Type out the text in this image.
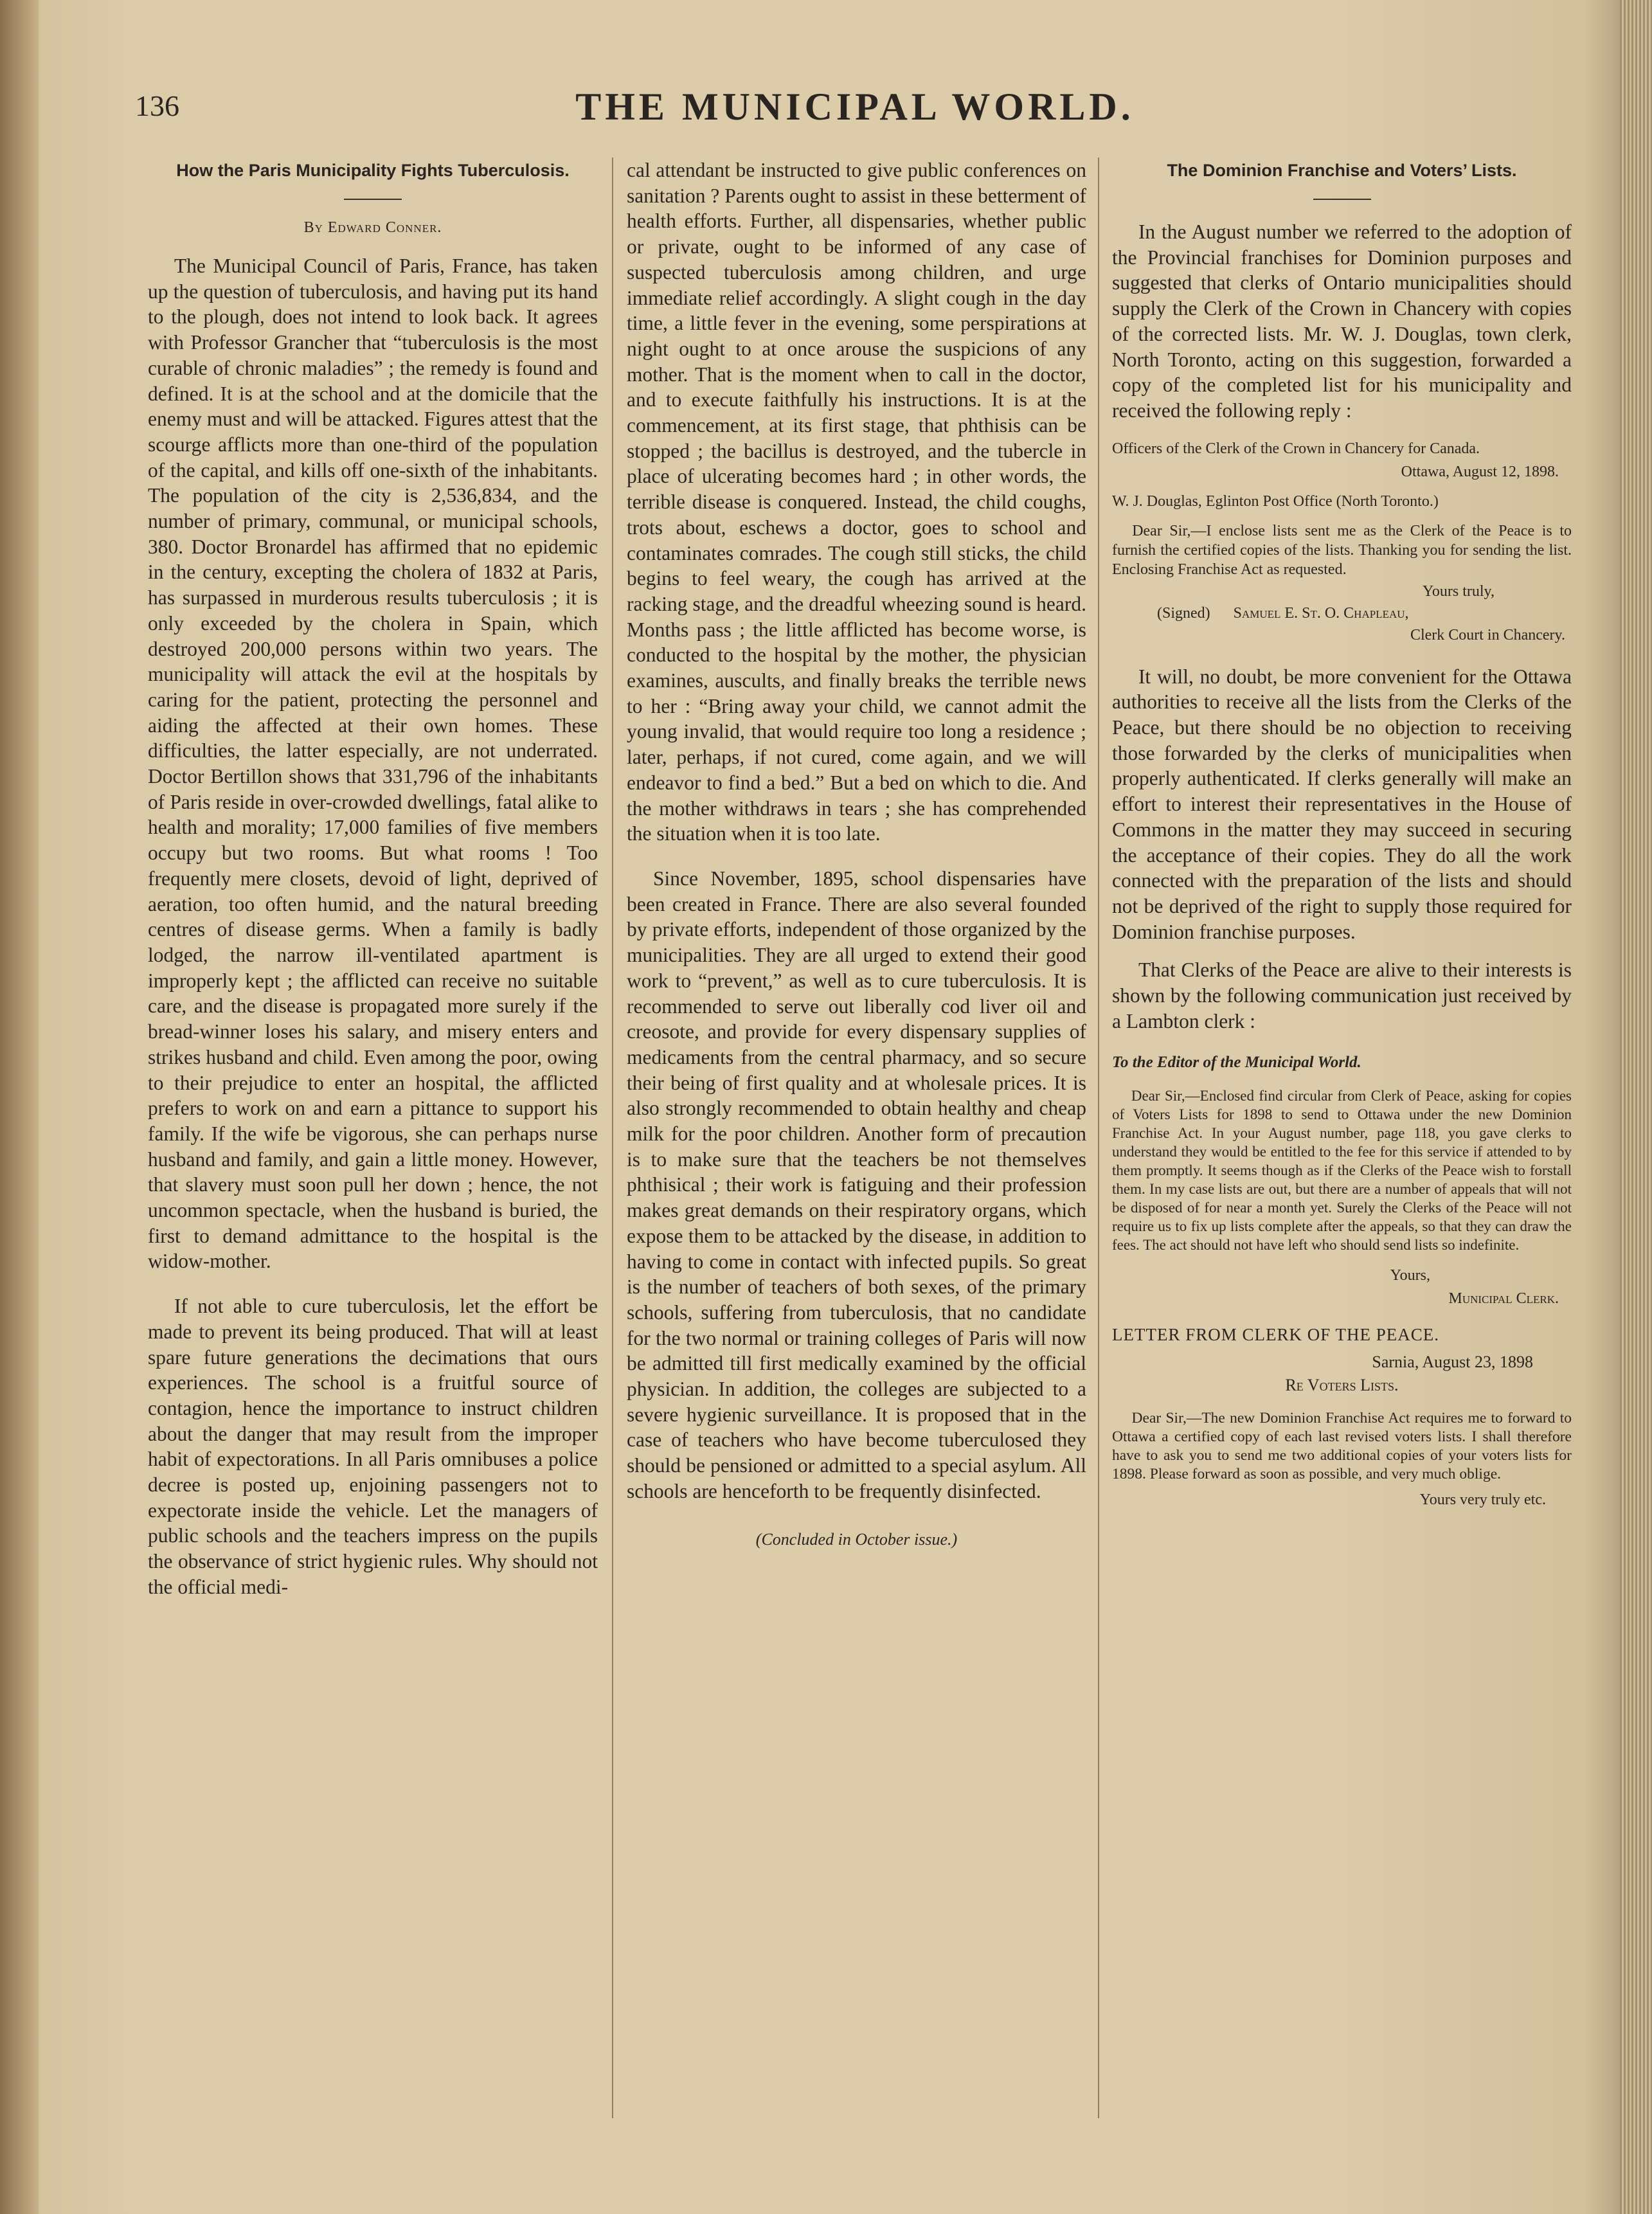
136	THE MUNICIPAL WORLD.

How the Paris Municipality Fights Tuberculosis.

By Edward Conner.

The Municipal Council of Paris, France, has taken up the question of tuberculosis, and having put its hand to the plough, does not intend to look back. It agrees with Professor Grancher that “tuberculosis is the most curable of chronic maladies” ; the remedy is found and defined. It is at the school and at the domicile that the enemy must and will be attacked. Figures attest that the scourge afflicts more than one-third of the population of the capital, and kills off one-sixth of the inhabitants. The population of the city is 2,536,834, and the number of primary, communal, or municipal schools, 380. Doctor Bronardel has affirmed that no epidemic in the century, excepting the cholera of 1832 at Paris, has surpassed in murderous results tuberculosis ; it is only exceeded by the cholera in Spain, which destroyed 200,000 persons within two years. The municipality will attack the evil at the hospitals by caring for the patient, protecting the personnel and aiding the affected at their own homes. These difficulties, the latter especially, are not underrated. Doctor Bertillon shows that 331,796 of the inhabitants of Paris reside in over-crowded dwellings, fatal alike to health and morality; 17,000 families of five members occupy but two rooms. But what rooms ! Too frequently mere closets, devoid of light, deprived of aeration, too often humid, and the natural breeding centres of disease germs. When a family is badly lodged, the narrow ill-ventilated apartment is improperly kept ; the afflicted can receive no suitable care, and the disease is propagated more surely if the bread-winner loses his salary, and misery enters and strikes husband and child. Even among the poor, owing to their prejudice to enter an hospital, the afflicted prefers to work on and earn a pittance to support his family. If the wife be vigorous, she can perhaps nurse husband and family, and gain a little money. However, that slavery must soon pull her down ; hence, the not uncommon spectacle, when the husband is buried, the first to demand admittance to the hospital is the widow-mother.

If not able to cure tuberculosis, let the effort be made to prevent its being produced. That will at least spare future generations the decimations that ours experiences. The school is a fruitful source of contagion, hence the importance to instruct children about the danger that may result from the improper habit of expectorations. In all Paris omnibuses a police decree is posted up, enjoining passengers not to expectorate inside the vehicle. Let the managers of public schools and the teachers impress on the pupils the observance of strict hygienic rules. Why should not the official medi-

cal attendant be instructed to give public conferences on sanitation ? Parents ought to assist in these betterment of health efforts. Further, all dispensaries, whether public or private, ought to be informed of any case of suspected tuberculosis among children, and urge immediate relief accordingly. A slight cough in the day time, a little fever in the evening, some perspirations at night ought to at once arouse the suspicions of any mother. That is the moment when to call in the doctor, and to execute faithfully his instructions. It is at the commencement, at its first stage, that phthisis can be stopped ; the bacillus is destroyed, and the tubercle in place of ulcerating becomes hard ; in other words, the terrible disease is conquered. Instead, the child coughs, trots about, eschews a doctor, goes to school and contaminates comrades. The cough still sticks, the child begins to feel weary, the cough has arrived at the racking stage, and the dreadful wheezing sound is heard. Months pass ; the little afflicted has become worse, is conducted to the hospital by the mother, the physician examines, auscults, and finally breaks the terrible news to her : “Bring away your child, we cannot admit the young invalid, that would require too long a residence ; later, perhaps, if not cured, come again, and we will endeavor to find a bed.” But a bed on which to die. And the mother withdraws in tears ; she has comprehended the situation when it is too late.

Since November, 1895, school dispensaries have been created in France. There are also several founded by private efforts, independent of those organized by the municipalities. They are all urged to extend their good work to “prevent,” as well as to cure tuberculosis. It is recommended to serve out liberally cod liver oil and creosote, and provide for every dispensary supplies of medicaments from the central pharmacy, and so secure their being of first quality and at wholesale prices. It is also strongly recommended to obtain healthy and cheap milk for the poor children. Another form of precaution is to make sure that the teachers be not themselves phthisical ; their work is fatiguing and their profession makes great demands on their respiratory organs, which expose them to be attacked by the disease, in addition to having to come in contact with infected pupils. So great is the number of teachers of both sexes, of the primary schools, suffering from tuberculosis, that no candidate for the two normal or training colleges of Paris will now be admitted till first medically examined by the official physician. In addition, the colleges are subjected to a severe hygienic surveillance. It is proposed that in the case of teachers who have become tuberculosed they should be pensioned or admitted to a special asylum. All schools are henceforth to be frequently disinfected.

(Concluded in October issue.)

The Dominion Franchise and Voters’ Lists.

In the August number we referred to the adoption of the Provincial franchises for Dominion purposes and suggested that clerks of Ontario municipalities should supply the Clerk of the Crown in Chancery with copies of the corrected lists. Mr. W. J. Douglas, town clerk, North Toronto, acting on this suggestion, forwarded a copy of the completed list for his municipality and received the following reply :

Officers of the Clerk of the Crown in Chancery for Canada.

Ottawa, August 12, 1898.

W. J. Douglas, Eglinton Post Office (North Toronto.)

Dear Sir,—I enclose lists sent me as the Clerk of the Peace is to furnish the certified copies of the lists. Thanking you for sending the list. Enclosing Franchise Act as requested.

Yours truly,

(Signed) Samuel E. St. O. Chapleau,

Clerk Court in Chancery.

It will, no doubt, be more convenient for the Ottawa authorities to receive all the lists from the Clerks of the Peace, but there should be no objection to receiving those forwarded by the clerks of municipalities when properly authenticated. If clerks generally will make an effort to interest their representatives in the House of Commons in the matter they may succeed in securing the acceptance of their copies. They do all the work connected with the preparation of the lists and should not be deprived of the right to supply those required for Dominion franchise purposes.

That Clerks of the Peace are alive to their interests is shown by the following communication just received by a Lambton clerk :

To the Editor of the Municipal World.

Dear Sir,—Enclosed find circular from Clerk of Peace, asking for copies of Voters Lists for 1898 to send to Ottawa under the new Dominion Franchise Act. In your August number, page 118, you gave clerks to understand they would be entitled to the fee for this service if attended to by them promptly. It seems though as if the Clerks of the Peace wish to forstall them. In my case lists are out, but there are a number of appeals that will not be disposed of for near a month yet. Surely the Clerks of the Peace will not require us to fix up lists complete after the appeals, so that they can draw the fees. The act should not have left who should send lists so indefinite.

Yours,

Municipal Clerk.

LETTER FROM CLERK OF THE PEACE.

Sarnia, August 23, 1898

Re Voters Lists.

Dear Sir,—The new Dominion Franchise Act requires me to forward to Ottawa a certified copy of each last revised voters lists. I shall therefore have to ask you to send me two additional copies of your voters lists for 1898. Please forward as soon as possible, and very much oblige.

Yours very truly etc.
